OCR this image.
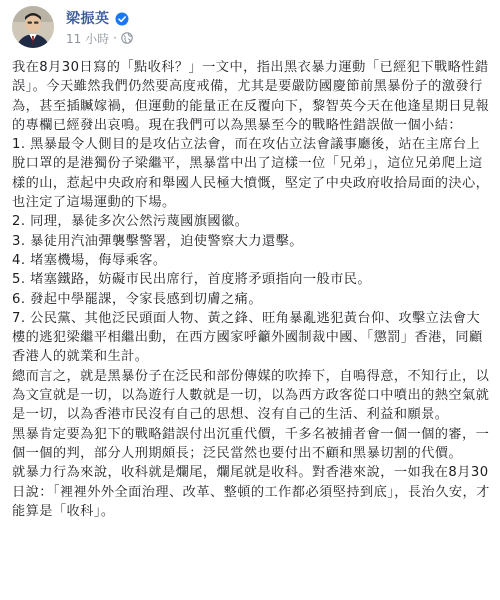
梁振英
11 小時 ·

我在8月30日寫的「點收科？」一文中，指出黑衣暴力運動「已經犯下戰略性錯誤」。今天雖然我們仍然要高度戒備，尤其是要嚴防國慶節前黑暴份子的激發行為，甚至插贓嫁禍，但運動的能量正在反覆向下，黎智英今天在他逢星期日見報的專欄已經發出哀鳴。現在我們可以為黑暴至今的戰略性錯誤做一個小結：

1. 黑暴最令人側目的是攻佔立法會，而在攻佔立法會議事廳後，站在主席台上脫口罩的是港獨份子梁繼平，黑暴當中出了這樣一位「兄弟」，這位兄弟爬上這樣的山，惹起中央政府和舉國人民極大憤慨，堅定了中央政府收拾局面的決心，也注定了這場運動的下場。

2. 同理，暴徒多次公然污蔑國旗國徽。

3. 暴徒用汽油彈襲擊警署，迫使警察大力還擊。

4. 堵塞機場，侮辱乘客。

5. 堵塞鐵路，妨礙市民出席行，首度將矛頭指向一般市民。

6. 發起中學罷課，令家長感到切膚之痛。

7. 公民黨、其他泛民頭面人物、黃之鋒、旺角暴亂逃犯黃台仰、攻擊立法會大樓的逃犯梁繼平相繼出動，在西方國家呼籲外國制裁中國、「懲罰」香港，同顧香港人的就業和生計。

總而言之，就是黑暴份子在泛民和部份傳媒的吹捧下，自鳴得意，不知行止，以為文宣就是一切，以為遊行人數就是一切，以為西方政客從口中噴出的熱空氣就是一切，以為香港市民沒有自己的思想、沒有自己的生活、利益和願景。

黑暴肯定要為犯下的戰略錯誤付出沉重代價，千多名被捕者會一個一個的審，一個一個的判，部分人刑期頗長；泛民當然也要付出不顧和黑暴切割的代價。

就暴力行為來說，收科就是爛尾，爛尾就是收科。對香港來說，一如我在8月30日說：「裡裡外外全面治理、改革、整頓的工作都必須堅持到底」，長治久安，才能算是「收科」。
